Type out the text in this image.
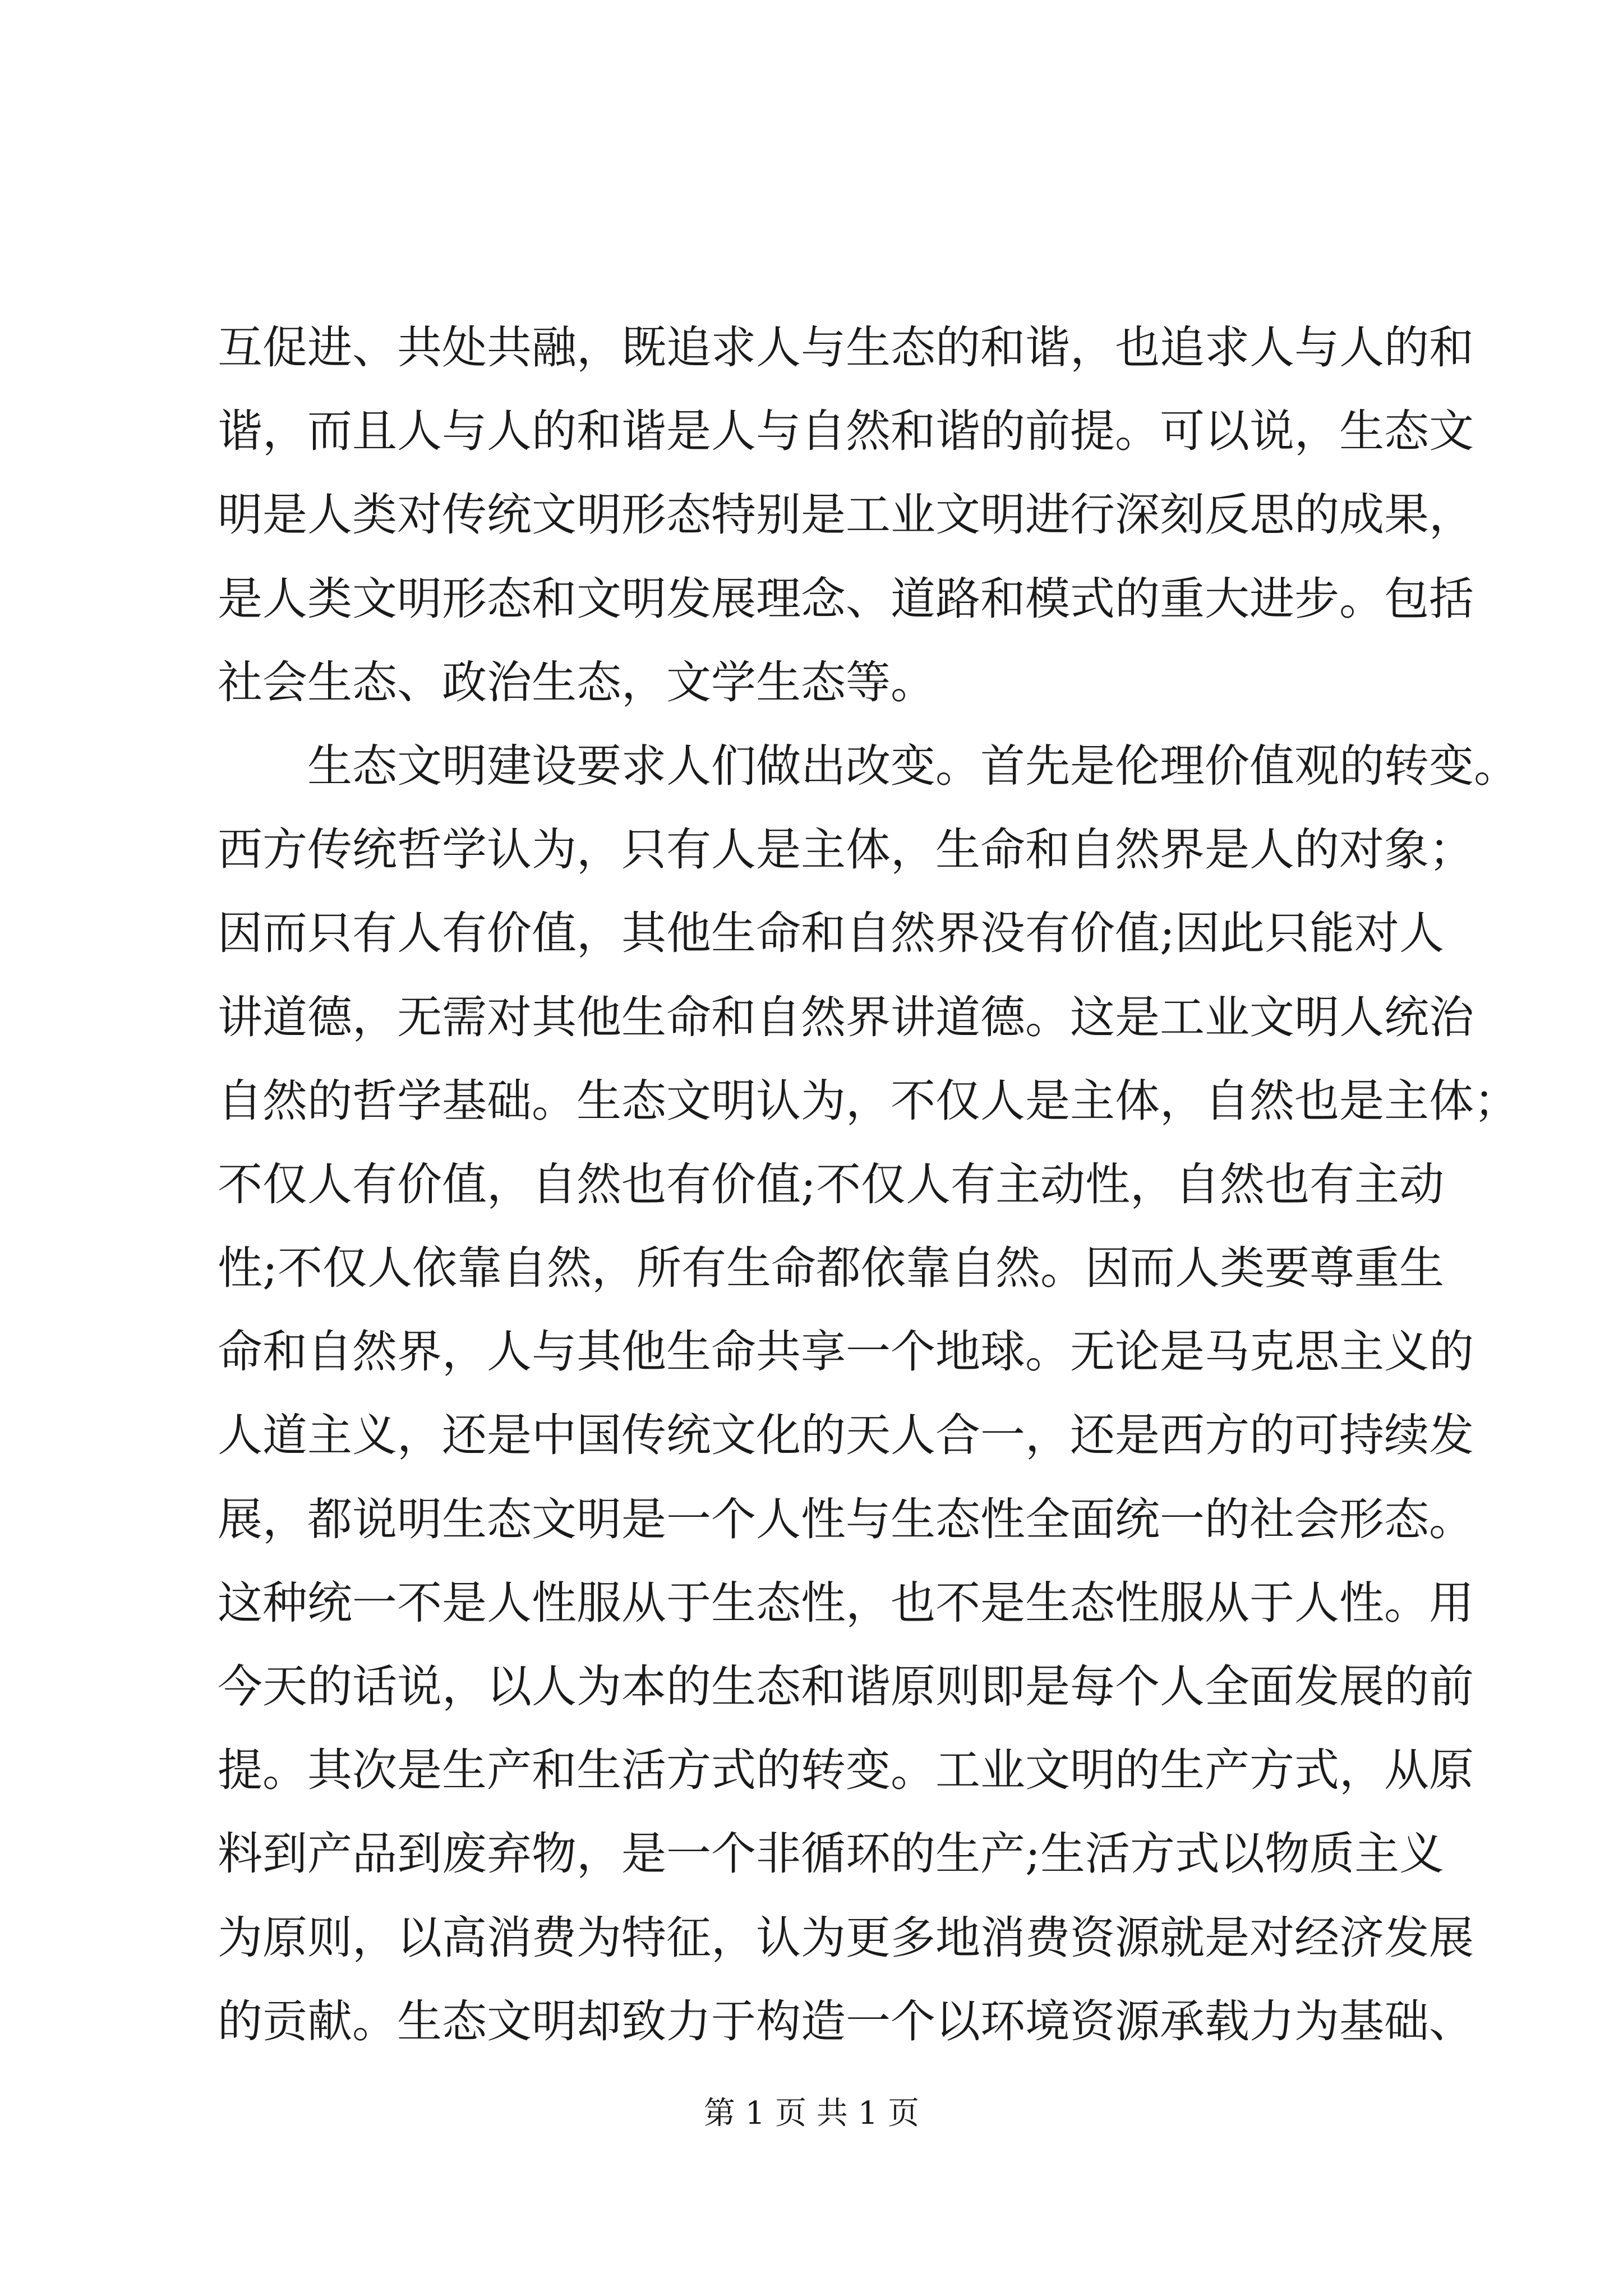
互促进、共处共融，既追求人与生态的和谐，也追求人与人的和
谐，而且人与人的和谐是人与自然和谐的前提。可以说，生态文
明是人类对传统文明形态特别是工业文明进行深刻反思的成果，
是人类文明形态和文明发展理念、道路和模式的重大进步。包括
社会生态、政治生态，文学生态等。
生态文明建设要求人们做出改变。首先是伦理价值观的转变。
西方传统哲学认为，只有人是主体，生命和自然界是人的对象；
因而只有人有价值，其他生命和自然界没有价值;因此只能对人
讲道德，无需对其他生命和自然界讲道德。这是工业文明人统治
自然的哲学基础。生态文明认为，不仅人是主体，自然也是主体；
不仅人有价值，自然也有价值;不仅人有主动性，自然也有主动
性;不仅人依靠自然，所有生命都依靠自然。因而人类要尊重生
命和自然界，人与其他生命共享一个地球。无论是马克思主义的
人道主义，还是中国传统文化的天人合一，还是西方的可持续发
展，都说明生态文明是一个人性与生态性全面统一的社会形态。
这种统一不是人性服从于生态性，也不是生态性服从于人性。用
今天的话说，以人为本的生态和谐原则即是每个人全面发展的前
提。其次是生产和生活方式的转变。工业文明的生产方式，从原
料到产品到废弃物，是一个非循环的生产;生活方式以物质主义
为原则，以高消费为特征，认为更多地消费资源就是对经济发展
的贡献。生态文明却致力于构造一个以环境资源承载力为基础、
第 1 页 共 1 页
